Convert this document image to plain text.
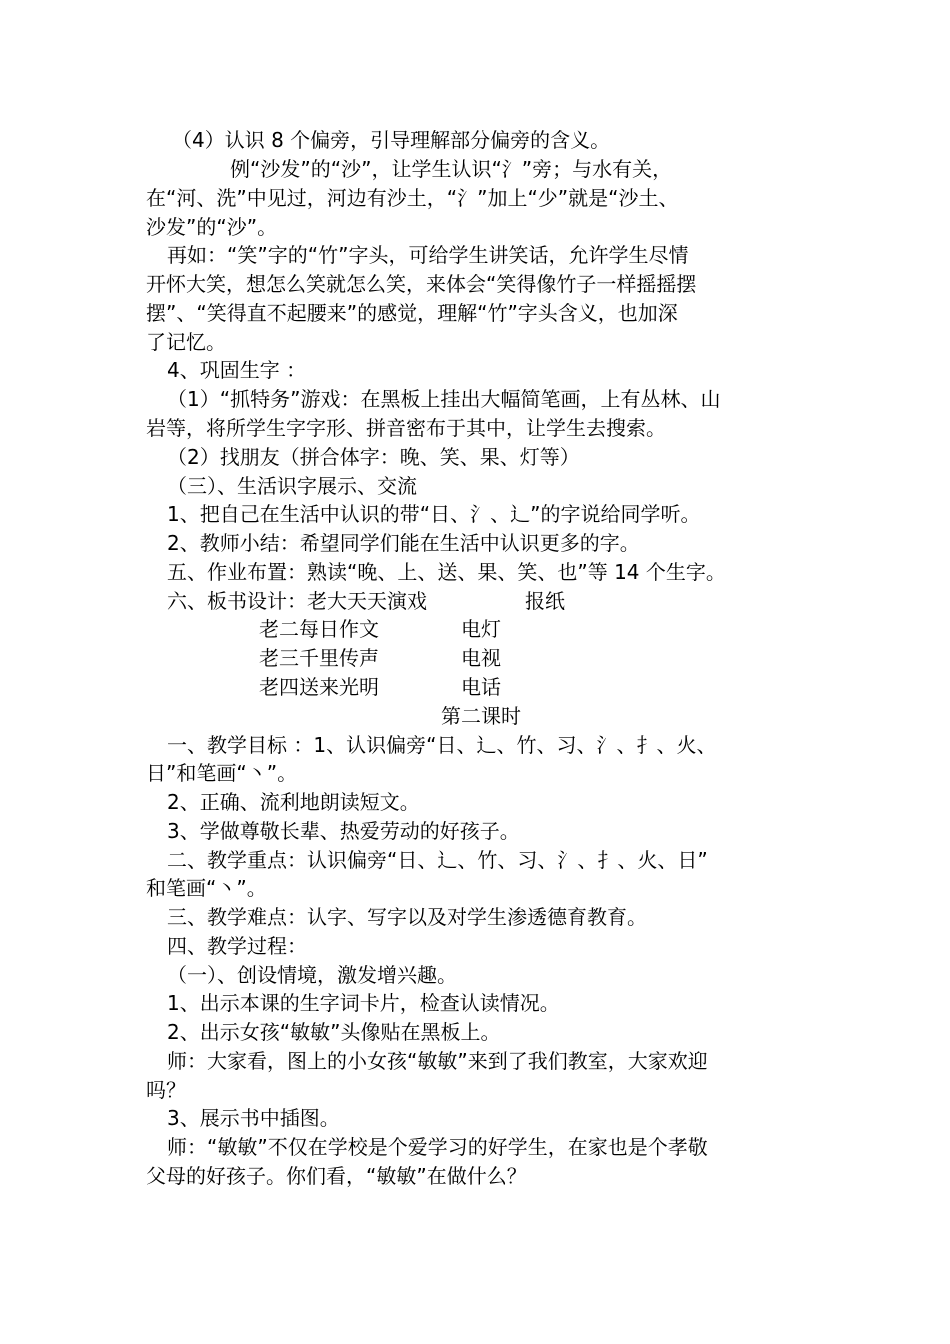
（4）认识 8 个偏旁，引导理解部分偏旁的含义。
例“沙发”的“沙”，让学生认识“氵”旁；与水有关，
在“河、洗”中见过，河边有沙土，“氵”加上“少”就是“沙土、
沙发”的“沙”。
再如：“笑”字的“竹”字头，可给学生讲笑话，允许学生尽情
开怀大笑，想怎么笑就怎么笑，来体会“笑得像竹子一样摇摇摆
摆”、“笑得直不起腰来”的感觉，理解“竹”字头含义，也加深
了记忆。
4、巩固生字 ：
（1）“抓特务”游戏：在黑板上挂出大幅简笔画，上有丛林、山
岩等，将所学生字字形、拼音密布于其中，让学生去搜索。
（2）找朋友（拼合体字：晚、笑、果、灯等）
（三）、生活识字展示、交流
1、把自己在生活中认识的带“日、氵、辶”的字说给同学听。
2、教师小结：希望同学们能在生活中认识更多的字。
五、作业布置：熟读“晚、上、送、果、笑、也”等 14 个生字。
六、板书设计：老大天天演戏	报纸
老二每日作文	电灯
老三千里传声	电视
老四送来光明	电话
第二课时
一、教学目标 ：1、认识偏旁“日、辶、竹、习、氵、扌、火、
日”和笔画“丶”。
2、正确、流利地朗读短文。
3、学做尊敬长辈、热爱劳动的好孩子。
二、教学重点：认识偏旁“日、辶、竹、习、氵、扌、火、日”
和笔画“丶”。
三、教学难点：认字、写字以及对学生渗透德育教育。
四、教学过程：
（一）、创设情境，激发增兴趣。
1、出示本课的生字词卡片，检查认读情况。
2、出示女孩“敏敏”头像贴在黑板上。
师：大家看，图上的小女孩“敏敏”来到了我们教室，大家欢迎
吗？
3、展示书中插图。
师：“敏敏”不仅在学校是个爱学习的好学生，在家也是个孝敬
父母的好孩子。你们看，“敏敏”在做什么？
